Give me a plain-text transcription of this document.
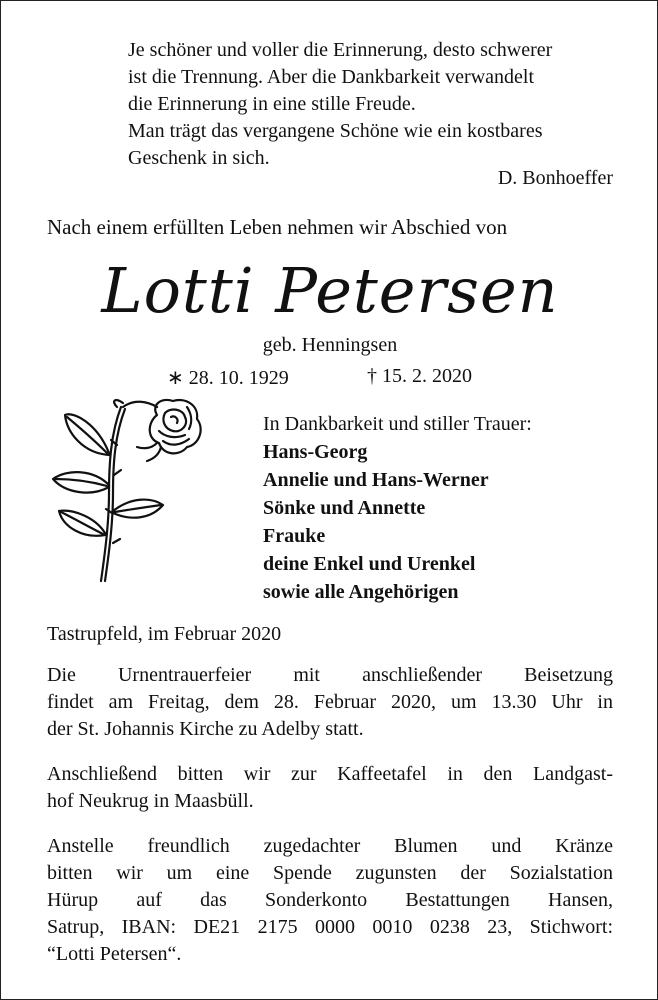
Je schöner und voller die Erinnerung, desto schwerer
ist die Trennung. Aber die Dankbarkeit verwandelt
die Erinnerung in eine stille Freude.
Man trägt das vergangene Schöne wie ein kostbares
Geschenk in sich.
D. Bonhoeffer
Nach einem erfüllten Leben nehmen wir Abschied von
Lotti Petersen
geb. Henningsen
∗ 28. 10. 1929	† 15. 2. 2020
In Dankbarkeit und stiller Trauer:
Hans-Georg
Annelie und Hans-Werner
Sönke und Annette
Frauke
deine Enkel und Urenkel
sowie alle Angehörigen
Tastrupfeld, im Februar 2020
Die Urnentrauerfeier mit anschließender Beisetzung
findet am Freitag, dem 28. Februar 2020, um 13.30 Uhr in
der St. Johannis Kirche zu Adelby statt.
Anschließend bitten wir zur Kaffeetafel in den Landgast-
hof Neukrug in Maasbüll.
Anstelle freundlich zugedachter Blumen und Kränze
bitten wir um eine Spende zugunsten der Sozialstation
Hürup auf das Sonderkonto Bestattungen Hansen,
Satrup, IBAN: DE21 2175 0000 0010 0238 23, Stichwort:
“Lotti Petersen“.
